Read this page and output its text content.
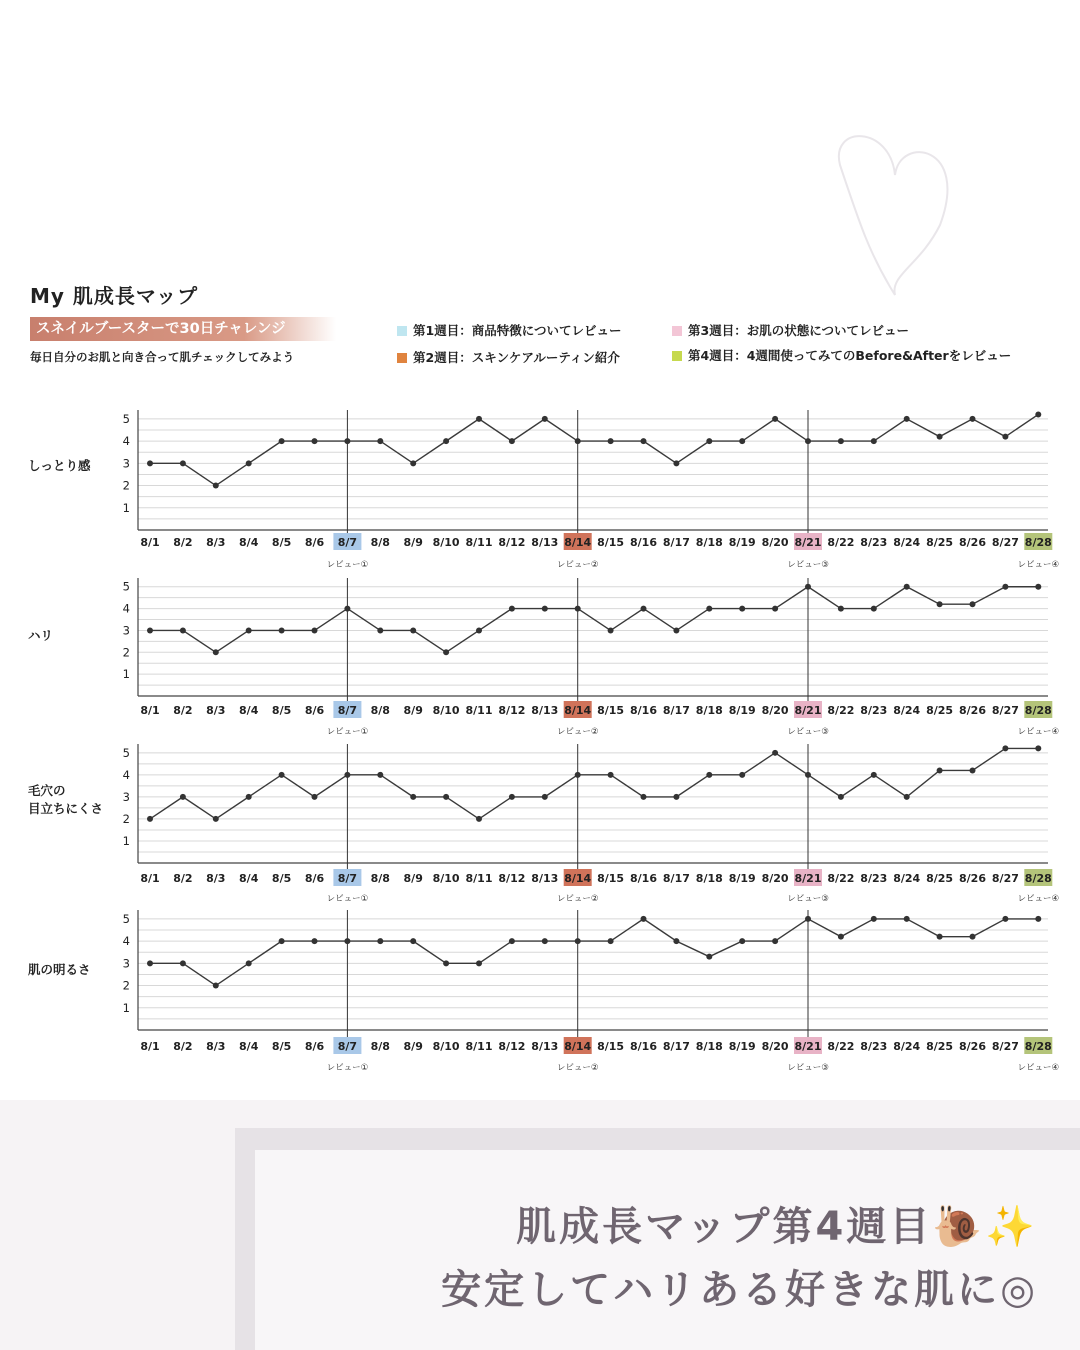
My 肌成長マップ
スネイルブースターで30日チャレンジ
毎日自分のお肌と向き合って肌チェックしてみよう
第1週目：商品特徴についてレビュー
第2週目：スキンケアルーティン紹介
第3週目：お肌の状態についてレビュー
第4週目：4週間使ってみてのBefore&Afterをレビュー
1
2
3
4
5
しっとり感
8/1 8/2 8/3 8/4 8/5 8/6 8/7 8/8 8/9 8/10 8/11 8/12 8/13 8/14 8/15 8/16 8/17 8/18 8/19 8/20 8/21 8/22 8/23 8/24 8/25 8/26 8/27 8/28
レビュー①	レビュー②	レビュー③	レビュー④
1
2
3
4
5
ハリ
8/1 8/2 8/3 8/4 8/5 8/6 8/7 8/8 8/9 8/10 8/11 8/12 8/13 8/14 8/15 8/16 8/17 8/18 8/19 8/20 8/21 8/22 8/23 8/24 8/25 8/26 8/27 8/28
レビュー①	レビュー②	レビュー③	レビュー④
1
2
3
4
5
毛穴の
目立ちにくさ
8/1 8/2 8/3 8/4 8/5 8/6 8/7 8/8 8/9 8/10 8/11 8/12 8/13 8/14 8/15 8/16 8/17 8/18 8/19 8/20 8/21 8/22 8/23 8/24 8/25 8/26 8/27 8/28
レビュー①	レビュー②	レビュー③	レビュー④
1
2
3
4
5
肌の明るさ
8/1 8/2 8/3 8/4 8/5 8/6 8/7 8/8 8/9 8/10 8/11 8/12 8/13 8/14 8/15 8/16 8/17 8/18 8/19 8/20 8/21 8/22 8/23 8/24 8/25 8/26 8/27 8/28
レビュー①	レビュー②	レビュー③	レビュー④
肌成長マップ第4週目🐌✨
安定してハリある好きな肌に◎
